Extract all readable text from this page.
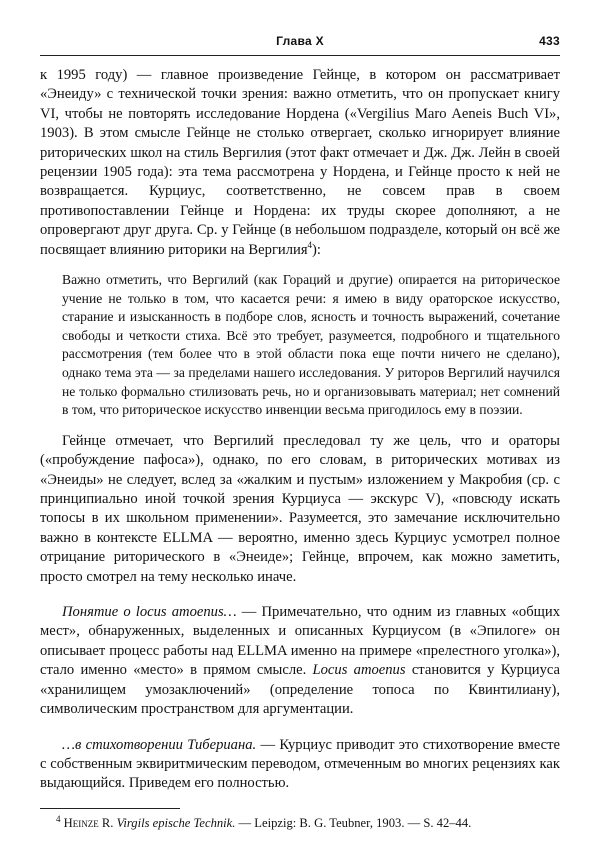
Глава X	433

к 1995 году) — главное произведение Гейнце, в котором он рассматривает «Энеиду» с технической точки зрения: важно отметить, что он пропускает книгу VI, чтобы не повторять исследование Нордена («Vergilius Maro Aeneis Buch VI», 1903). В этом смысле Гейнце не столько отвергает, сколько игнорирует влияние риторических школ на стиль Вергилия (этот факт отмечает и Дж. Дж. Лейн в своей рецензии 1905 года): эта тема рассмотрена у Нордена, и Гейнце просто к ней не возвращается. Курциус, соответственно, не совсем прав в своем противопоставлении Гейнце и Нордена: их труды скорее дополняют, а не опровергают друг друга. Ср. у Гейнце (в небольшом подразделе, который он всё же посвящает влиянию риторики на Вергилия$^4$):

Важно отметить, что Вергилий (как Гораций и другие) опирается на риторическое учение не только в том, что касается речи: я имею в виду ораторское искусство, старание и изысканность в подборе слов, ясность и точность выражений, сочетание свободы и четкости стиха. Всё это требует, разумеется, подробного и тщательного рассмотрения (тем более что в этой области пока еще почти ничего не сделано), однако тема эта — за пределами нашего исследования. У риторов Вергилий научился не только формально стилизовать речь, но и организовывать материал; нет сомнений в том, что риторическое искусство инвенции весьма пригодилось ему в поэзии.

Гейнце отмечает, что Вергилий преследовал ту же цель, что и ораторы («пробуждение пафоса»), однако, по его словам, в риторических мотивах из «Энеиды» не следует, вслед за «жалким и пустым» изложением у Макробия (ср. с принципиально иной точкой зрения Курциуса — экскурс V), «повсюду искать топосы в их школьном применении». Разумеется, это замечание исключительно важно в контексте ELLMA — вероятно, именно здесь Курциус усмотрел полное отрицание риторического в «Энеиде»; Гейнце, впрочем, как можно заметить, просто смотрел на тему несколько иначе.

Понятие о locus amoenus… — Примечательно, что одним из главных «общих мест», обнаруженных, выделенных и описанных Курциусом (в «Эпилоге» он описывает процесс работы над ELLMA именно на примере «прелестного уголка»), стало именно «место» в прямом смысле. Locus amoenus становится у Курциуса «хранилищем умозаключений» (определение топоса по Квинтилиану), символическим пространством для аргументации.

…в стихотворении Тибериана. — Курциус приводит это стихотворение вместе с собственным эквиритмическим переводом, отмеченным во многих рецензиях как выдающийся. Приведем его полностью.

$^4$ Heinze R. Virgils epische Technik. — Leipzig: B. G. Teubner, 1903. — S. 42–44.
